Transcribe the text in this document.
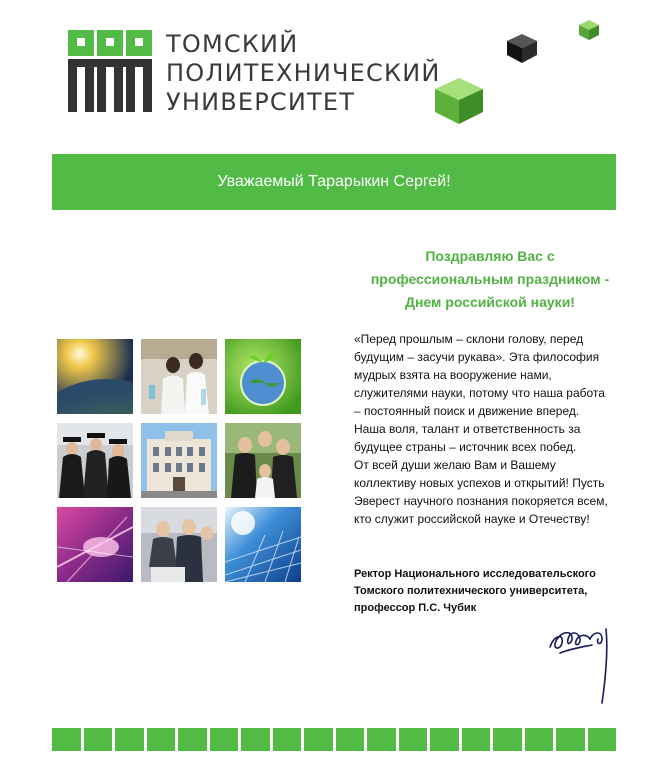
ТОМСКИЙ
ПОЛИТЕХНИЧЕСКИЙ
УНИВЕРСИТЕТ
Уважаемый Тарарыкин Сергей!
Поздравляю Вас с
профессиональным праздником -
Днем российской науки!
«Перед прошлым – склони голову, перед
будущим – засучи рукава». Эта философия
мудрых взята на вооружение нами,
служителями науки, потому что наша работа
– постоянный поиск и движение вперед.
Наша воля, талант и ответственность за
будущее страны – источник всех побед.
От всей души желаю Вам и Вашему
коллективу новых успехов и открытий! Пусть
Эверест научного познания покоряется всем,
кто служит российской науке и Отечеству!
Ректор Национального исследовательского
Томского политехнического университета,
профессор П.С. Чубик
